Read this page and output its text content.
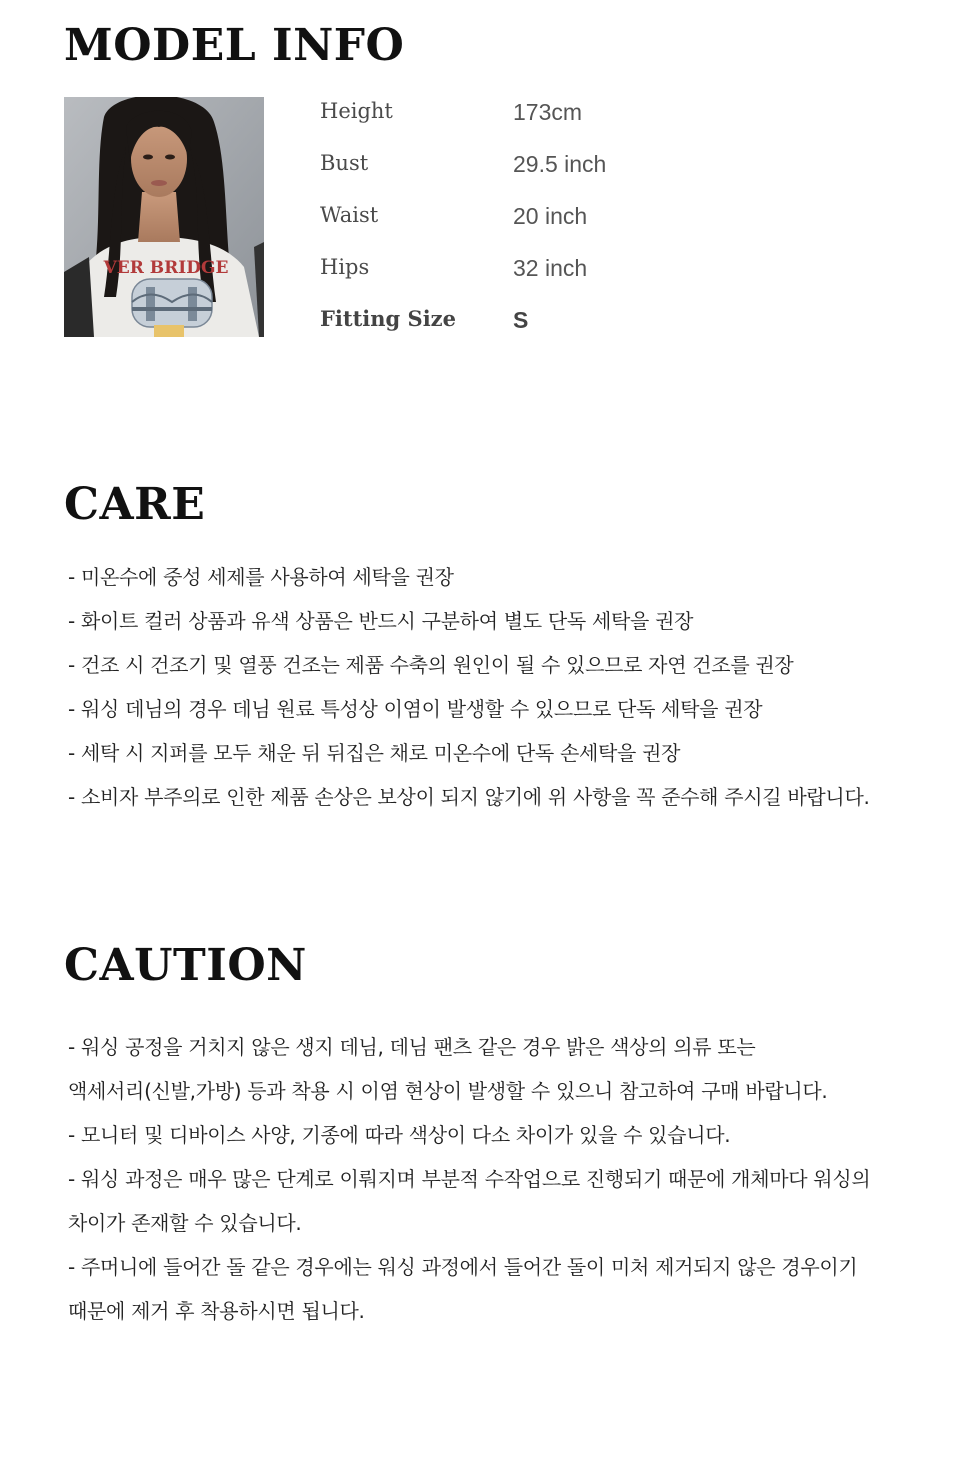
MODEL INFO
VER BRIDGE
Height	173cm
Bust	29.5 inch
Waist	20 inch
Hips	32 inch
Fitting Size S
CARE
- 미온수에 중성 세제를 사용하여 세탁을 권장
- 화이트 컬러 상품과 유색 상품은 반드시 구분하여 별도 단독 세탁을 권장
- 건조 시 건조기 및 열풍 건조는 제품 수축의 원인이 될 수 있으므로 자연 건조를 권장
- 워싱 데님의 경우 데님 원료 특성상 이염이 발생할 수 있으므로 단독 세탁을 권장
- 세탁 시 지퍼를 모두 채운 뒤 뒤집은 채로 미온수에 단독 손세탁을 권장
- 소비자 부주의로 인한 제품 손상은 보상이 되지 않기에 위 사항을 꼭 준수해 주시길 바랍니다.
CAUTION
- 워싱 공정을 거치지 않은 생지 데님, 데님 팬츠 같은 경우 밝은 색상의 의류 또는
액세서리(신발,가방) 등과 착용 시 이염 현상이 발생할 수 있으니 참고하여 구매 바랍니다.
- 모니터 및 디바이스 사양, 기종에 따라 색상이 다소 차이가 있을 수 있습니다.
- 워싱 과정은 매우 많은 단계로 이뤄지며 부분적 수작업으로 진행되기 때문에 개체마다 워싱의
차이가 존재할 수 있습니다.
- 주머니에 들어간 돌 같은 경우에는 워싱 과정에서 들어간 돌이 미처 제거되지 않은 경우이기
때문에 제거 후 착용하시면 됩니다.
